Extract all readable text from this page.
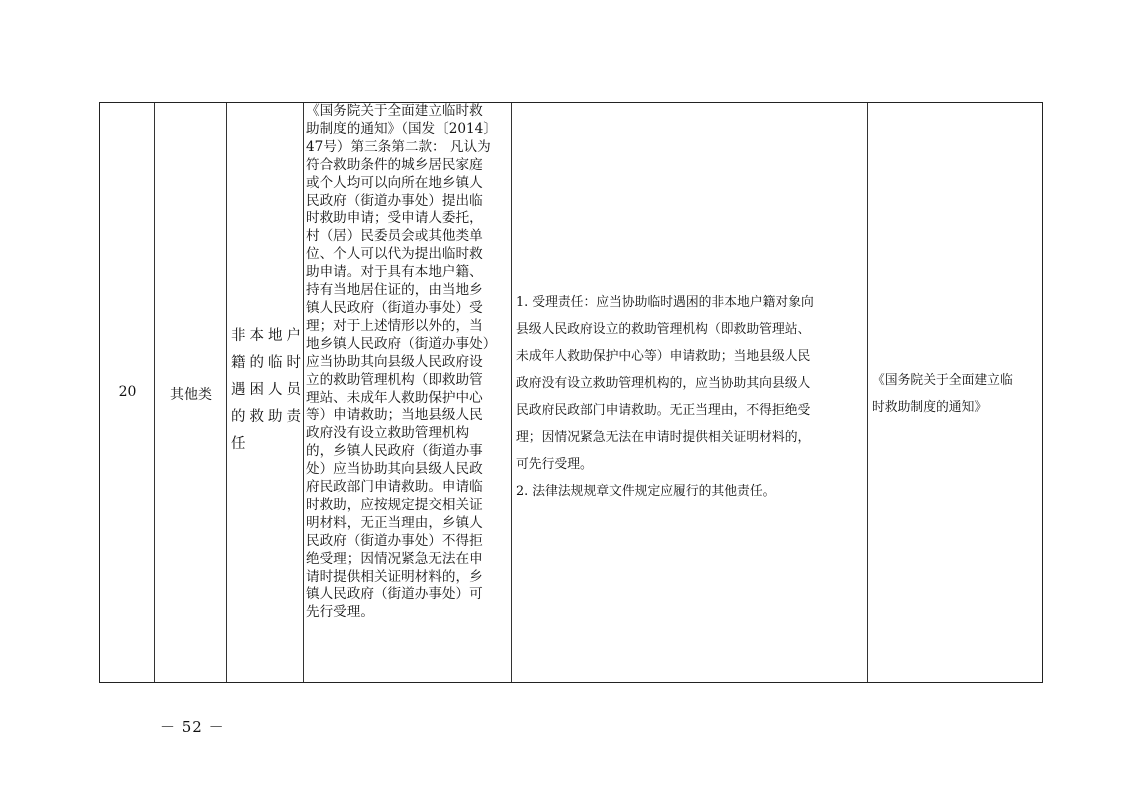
20	其他类
非本地户
籍的临时
遇困人员
的救助责
任
《国务院关于全面建立临时救
助制度的通知》（国发〔2014〕
47号）第三条第二款： 凡认为
符合救助条件的城乡居民家庭
或个人均可以向所在地乡镇人
民政府（街道办事处）提出临
时救助申请；受申请人委托，
村（居）民委员会或其他类单
位、个人可以代为提出临时救
助申请。对于具有本地户籍、
持有当地居住证的，由当地乡
镇人民政府（街道办事处）受
理；对于上述情形以外的，当
地乡镇人民政府（街道办事处）
应当协助其向县级人民政府设
立的救助管理机构（即救助管
理站、未成年人救助保护中心
等）申请救助；当地县级人民
政府没有设立救助管理机构
的，乡镇人民政府（街道办事
处）应当协助其向县级人民政
府民政部门申请救助。申请临
时救助，应按规定提交相关证
明材料，无正当理由，乡镇人
民政府（街道办事处）不得拒
绝受理；因情况紧急无法在申
请时提供相关证明材料的，乡
镇人民政府（街道办事处）可
先行受理。
1. 受理责任：应当协助临时遇困的非本地户籍对象向
县级人民政府设立的救助管理机构（即救助管理站、
未成年人救助保护中心等）申请救助；当地县级人民
政府没有设立救助管理机构的，应当协助其向县级人
民政府民政部门申请救助。无正当理由，不得拒绝受
理；因情况紧急无法在申请时提供相关证明材料的，
可先行受理。
2. 法律法规规章文件规定应履行的其他责任。
《国务院关于全面建立临
时救助制度的通知》
－ 52 －
